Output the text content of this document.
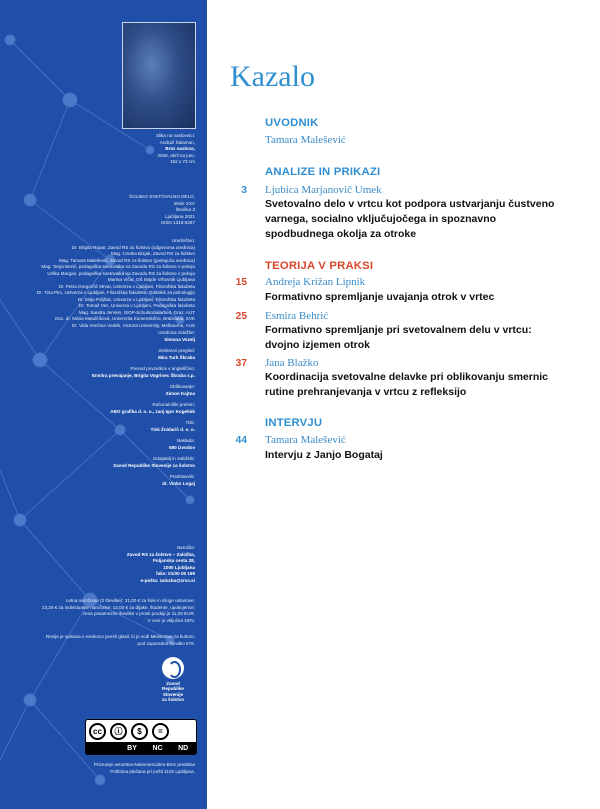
Slika na naslovnici:

Andraž Šalamun,

Brez naslova,

2006, akril na juto,

152 x 73 cm

ŠOLSKO SVETOVALNO DELO,

letnik XXV

številka 3

Ljubljana 2021

ISSN 1318-8267

Uredništvo:

Dr. Brigita Rupar, Zavod RS za šolstvo (odgovorna urednica)

Mag. Cvetka Bizjak, Zavod RS za šolstvo

Mag. Tamara Malešević, Zavod RS za šolstvo (gostujoča urednica)

Mag. Tanja Bezić, pedagoška svetovalka na Zavodu RS za šolstvo v pokoju

Urška Margan, pedagoška svetovalka na Zavodu RS za šolstvo v pokoju

Marina Vičar, OŠ Majde Vrhovnik Ljubljana

Dr. Petra Gregorčič Mrvar, Univerza v Ljubljani, Filozofska fakulteta

Dr. Tina Pirc, Univerza v Ljubljani, Filozofska fakulteta, Oddelek za psihologijo

Dr. Mitja Poljšak, Univerza v Ljubljani, Filozofska fakulteta

Dr. Tomaž Vec, Univerza v Ljubljani, Pedagoška fakulteta

Mag. Sandra Jensen, ISOP-Schulsozialarbeit, Graz, AUT

Doc. dr. Mária Matulčíková, Univerzita Komenského, Bratislava, SVK

Dr. Vida Vončina Vodeb, Victoria University, Melbourne, AUS

Urednica založbe:

Simona Vozelj

Jezikovni pregled:

Mira Turk Škraba

Prevod povzetkov v angleščino:

Ensitra prevajanje, Brigita Vogrinec Škraba s.p.

Oblikovanje:

Simon Kajtna

Računalniški prelom:

ABO grafika d. o. o., zanj Igor Kogelnik

Tisk:

Tisk Žnidarič d. o. o.

Naklada:

580 izvodov

Izdajatelj in založnik:

Zavod Republike Slovenije za šolstvo

Predstavnik:

dr. Vinko Logaj

Naročila:

Zavod RS za šolstvo – Založba,

Poljanska cesta 28,

1000 Ljubljana

faks: 01/30 05 199

e-pošta: zalozba@zrss.si

Letna naročnina (3 številke): 31,00 € za šole in druge ustanove;

23,25 € za individualne naročnike; 12,00 € za dijake, študente, upokojence;

cena posamezne številke v prosti prodaji je 11,00 EUR.

V ceni je vključen DDV.

Revija je vpisana v evidenco javnih glasil, ki jo vodi Ministrstvo za kulturo,

pod zaporedno številko 576.

Zavod
Republike
Slovenije
za šolstvo
cc	ⓘ	$	=
BY	NC	ND

Priznanje avtorstva-Nekomercialno-Brez predelav

Poštnina plačana pri pošti 1102 Ljubljana.

Kazalo
UVODNIK
Tamara Malešević
ANALIZE IN PRIKAZI
3 Ljubica Marjanovič Umek
Svetovalno delo v vrtcu kot podpora ustvarjanju čustveno varnega, socialno vključujočega in spoznavno spodbudnega okolja za otroke
TEORIJA V PRAKSI
15 Andreja Križan Lipnik
Formativno spremljanje uvajanja otrok v vrtec
25 Esmira Behrić
Formativno spremljanje pri svetovalnem delu v vrtcu: dvojno izjemen otrok
37 Jana Blažko
Koordinacija svetovalne delavke pri oblikovanju smernic rutine prehranjevanja v vrtcu z refleksijo
INTERVJU
44 Tamara Malešević
Intervju z Janjo Bogataj
